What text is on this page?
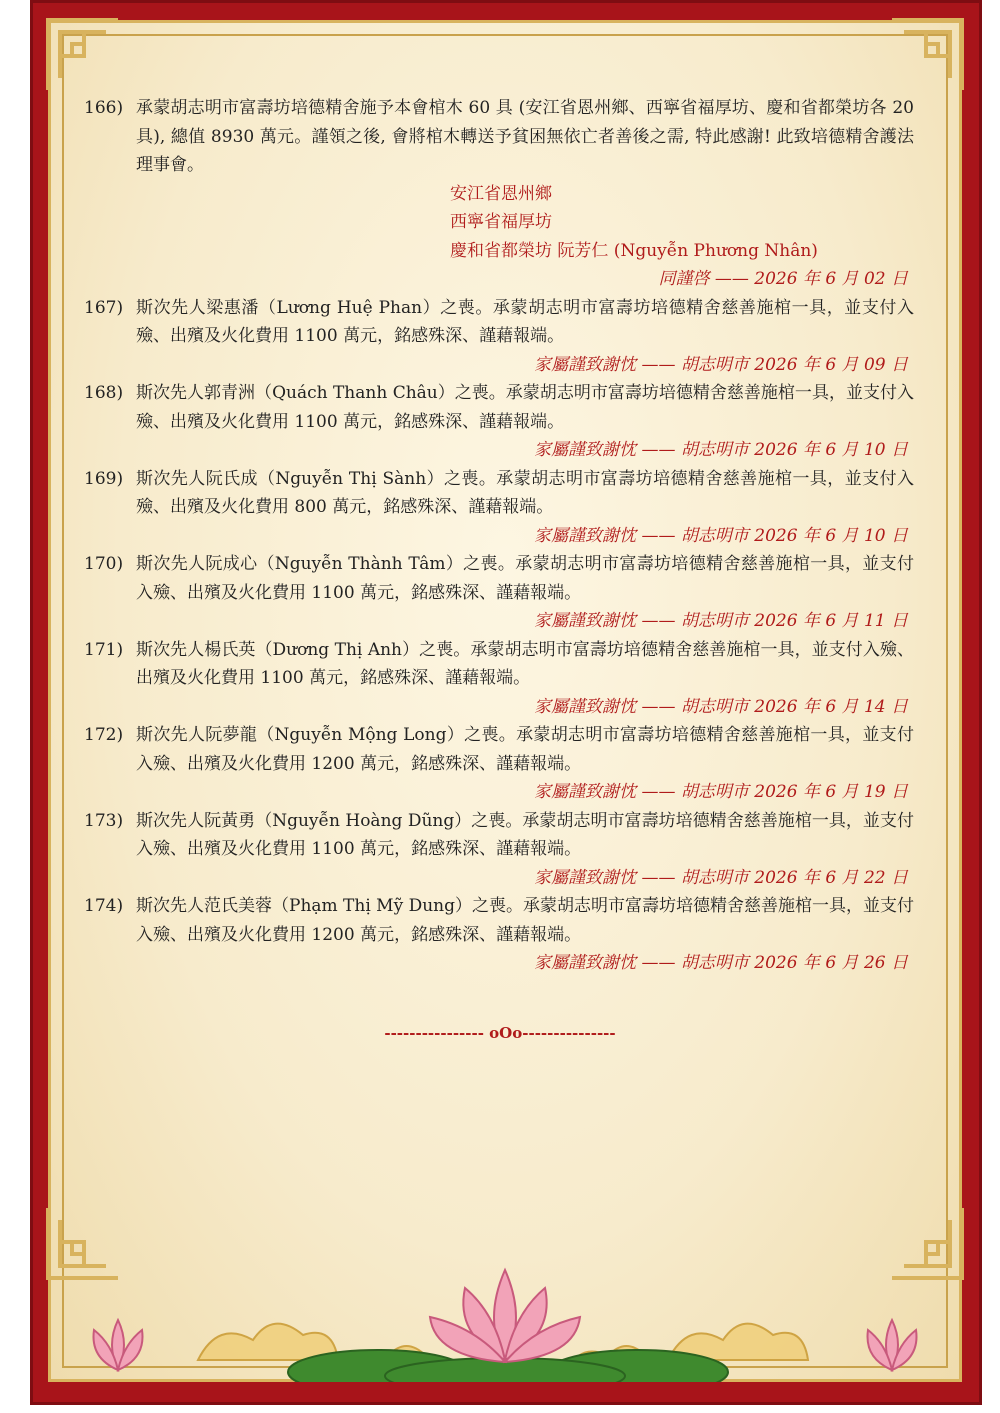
166) 承蒙胡志明市富壽坊培德精舍施予本會棺木 60 具 (安江省恩州鄉、西寧省福厚坊、慶和省都榮坊各 20 具), 總值 8930 萬元。謹領之後, 會將棺木轉送予貧困無依亡者善後之需, 特此感謝! 此致培德精舍護法理事會。
安江省恩州鄉
西寧省福厚坊
慶和省都榮坊 阮芳仁 (Nguyễn Phương Nhân)
同謹啓 —— 2026 年 6 月 02 日
167) 斯次先人梁惠潘（Lương Huệ Phan）之喪。承蒙胡志明市富壽坊培德精舍慈善施棺一具，並支付入殮、出殯及火化費用 1100 萬元，銘感殊深、謹藉報端。
家屬謹致謝忱 —— 胡志明市 2026 年 6 月 09 日
168) 斯次先人郭青洲（Quách Thanh Châu）之喪。承蒙胡志明市富壽坊培德精舍慈善施棺一具，並支付入殮、出殯及火化費用 1100 萬元，銘感殊深、謹藉報端。
家屬謹致謝忱 —— 胡志明市 2026 年 6 月 10 日
169) 斯次先人阮氏成（Nguyễn Thị Sành）之喪。承蒙胡志明市富壽坊培德精舍慈善施棺一具，並支付入殮、出殯及火化費用 800 萬元，銘感殊深、謹藉報端。
家屬謹致謝忱 —— 胡志明市 2026 年 6 月 10 日
170) 斯次先人阮成心（Nguyễn Thành Tâm）之喪。承蒙胡志明市富壽坊培德精舍慈善施棺一具，並支付入殮、出殯及火化費用 1100 萬元，銘感殊深、謹藉報端。
家屬謹致謝忱 —— 胡志明市 2026 年 6 月 11 日
171) 斯次先人楊氏英（Dương Thị Anh）之喪。承蒙胡志明市富壽坊培德精舍慈善施棺一具，並支付入殮、出殯及火化費用 1100 萬元，銘感殊深、謹藉報端。
家屬謹致謝忱 —— 胡志明市 2026 年 6 月 14 日
172) 斯次先人阮夢龍（Nguyễn Mộng Long）之喪。承蒙胡志明市富壽坊培德精舍慈善施棺一具，並支付入殮、出殯及火化費用 1200 萬元，銘感殊深、謹藉報端。
家屬謹致謝忱 —— 胡志明市 2026 年 6 月 19 日
173) 斯次先人阮黃勇（Nguyễn Hoàng Dũng）之喪。承蒙胡志明市富壽坊培德精舍慈善施棺一具，並支付入殮、出殯及火化費用 1100 萬元，銘感殊深、謹藉報端。
家屬謹致謝忱 —— 胡志明市 2026 年 6 月 22 日
174) 斯次先人范氏美蓉（Phạm Thị Mỹ Dung）之喪。承蒙胡志明市富壽坊培德精舍慈善施棺一具，並支付入殮、出殯及火化費用 1200 萬元，銘感殊深、謹藉報端。
家屬謹致謝忱 —— 胡志明市 2026 年 6 月 26 日
---------------- oOo---------------
